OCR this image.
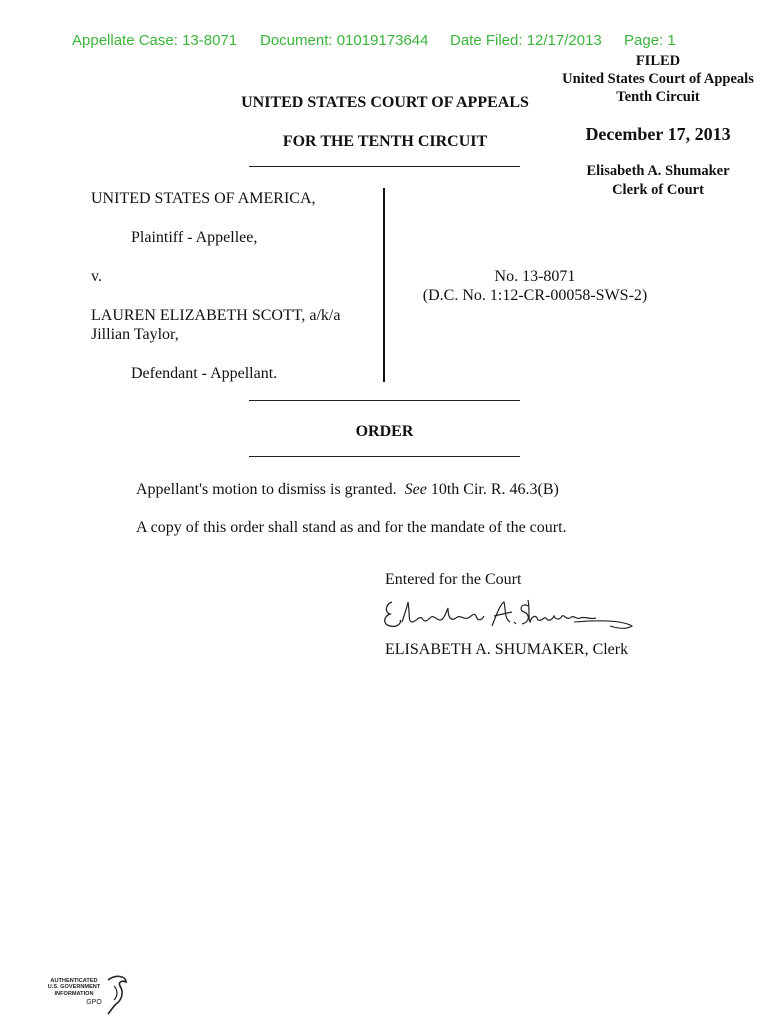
Appellate Case: 13-8071 Document: 01019173644 Date Filed: 12/17/2013 Page: 1
FILED
United States Court of Appeals
Tenth Circuit
December 17, 2013
Elisabeth A. Shumaker
Clerk of Court
UNITED STATES COURT OF APPEALS
FOR THE TENTH CIRCUIT
UNITED STATES OF AMERICA,
Plaintiff - Appellee,
v.
LAUREN ELIZABETH SCOTT, a/k/a
Jillian Taylor,
Defendant - Appellant.
No. 13-8071
(D.C. No. 1:12-CR-00058-SWS-2)
ORDER
Appellant's motion to dismiss is granted. See 10th Cir. R. 46.3(B)
A copy of this order shall stand as and for the mandate of the court.
Entered for the Court
ELISABETH A. SHUMAKER, Clerk
AUTHENTICATED
U.S. GOVERNMENT
INFORMATION
GPO
